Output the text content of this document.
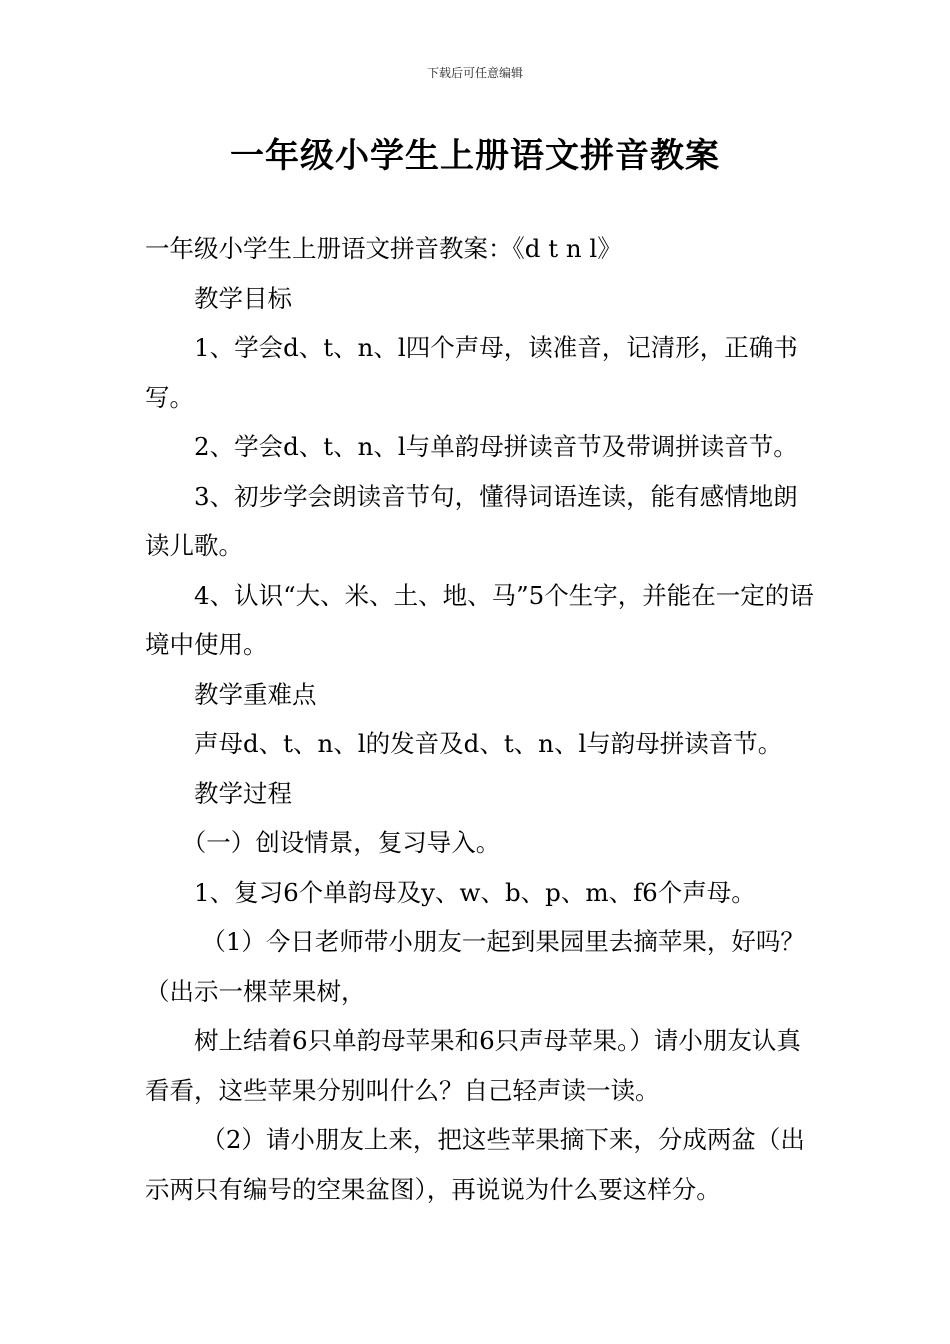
下载后可任意编辑
一年级小学生上册语文拼音教案

一年级小学生上册语文拼音教案：《d t n l》

教学目标

1、学会d、t、n、l四个声母，读准音，记清形，正确书写。

2、学会d、t、n、l与单韵母拼读音节及带调拼读音节。

3、初步学会朗读音节句，懂得词语连读，能有感情地朗读儿歌。

4、认识“大、米、土、地、马”5个生字，并能在一定的语境中使用。

教学重难点

声母d、t、n、l的发音及d、t、n、l与韵母拼读音节。

教学过程

（一）创设情景，复习导入。

1、复习6个单韵母及y、w、b、p、m、f6个声母。

（1）今日老师带小朋友一起到果园里去摘苹果，好吗？（出示一棵苹果树，

树上结着6只单韵母苹果和6只声母苹果。）请小朋友认真看看，这些苹果分别叫什么？自己轻声读一读。

（2）请小朋友上来，把这些苹果摘下来，分成两盆（出示两只有编号的空果盆图），再说说为什么要这样分。
